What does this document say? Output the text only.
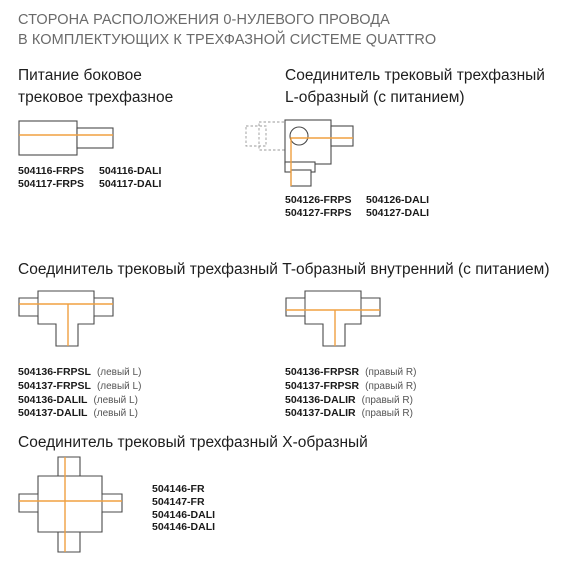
СТОРОНА РАСПОЛОЖЕНИЯ 0-НУЛЕВОГО ПРОВОДА
В КОМПЛЕКТУЮЩИХ К ТРЕХФАЗНОЙ СИСТЕМЕ QUATTRO
Питание боковое
трековое трехфазное
504116-FRPS
504117-FRPS
504116-DALI
504117-DALI
Соединитель трековый трехфазный
L-образный (с питанием)
504126-FRPS
504127-FRPS
504126-DALI
504127-DALI
Соединитель трековый трехфазный T-образный внутренний (с питанием)
504136-FRPSL (левый L)
504137-FRPSL (левый L)
504136-DALIL (левый L)
504137-DALIL (левый L)
504136-FRPSR (правый R)
504137-FRPSR (правый R)
504136-DALIR (правый R)
504137-DALIR (правый R)
Соединитель трековый трехфазный X-образный
504146-FR
504147-FR
504146-DALI
504146-DALI
